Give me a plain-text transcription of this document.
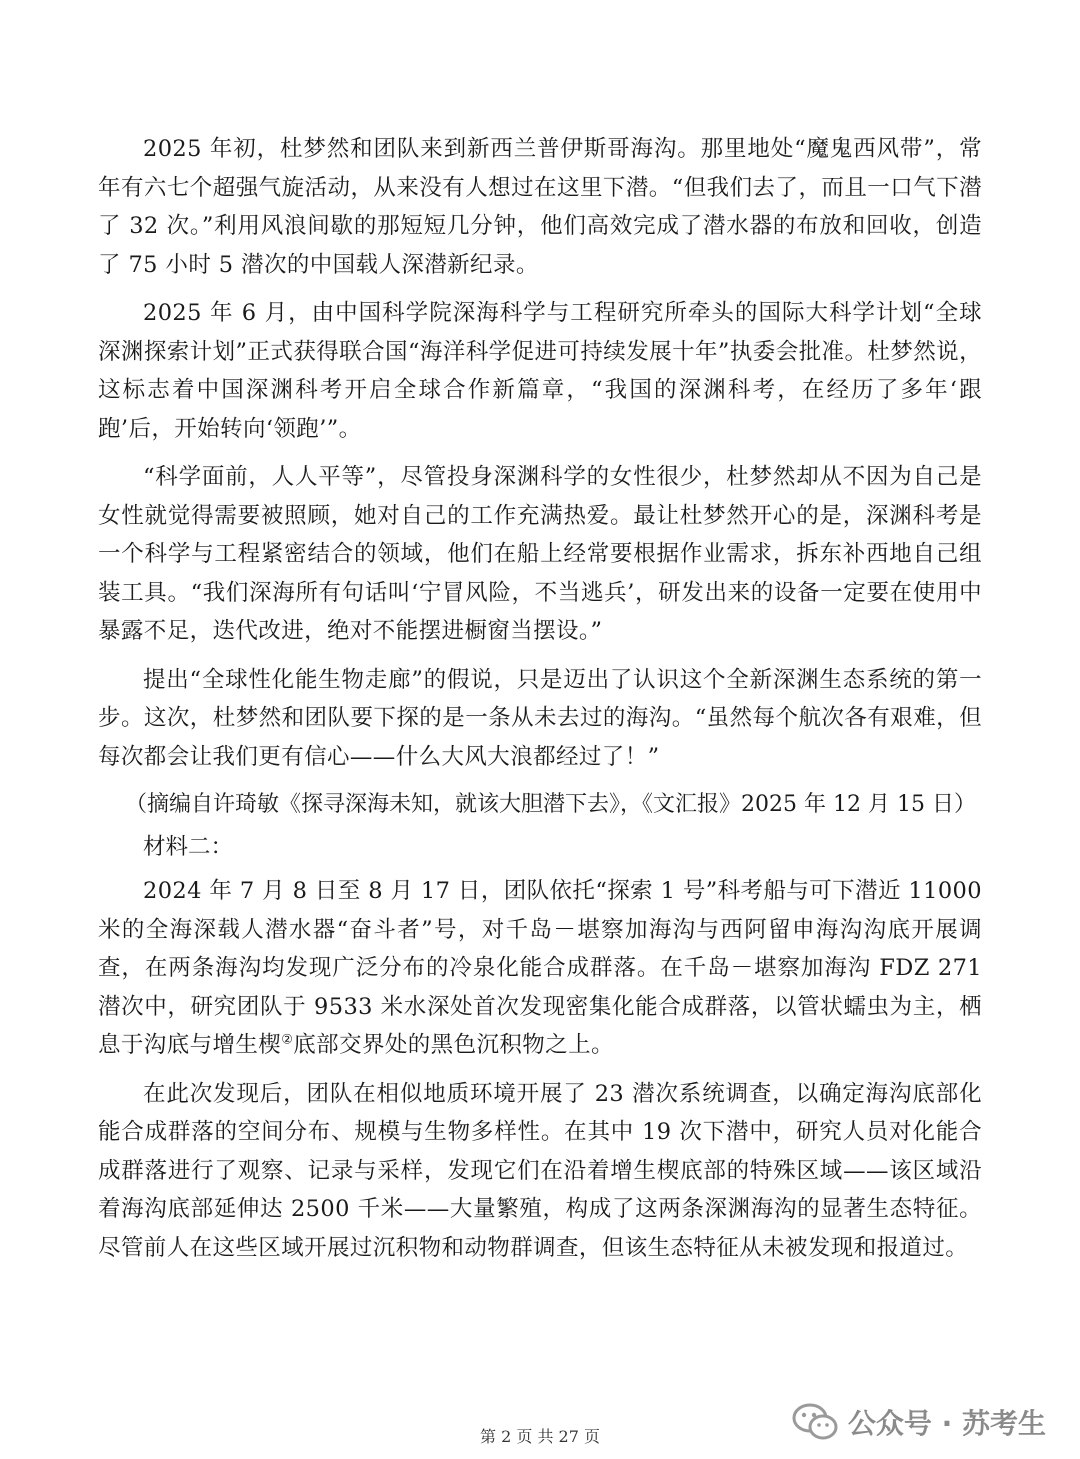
2025 年初，杜梦然和团队来到新西兰普伊斯哥海沟。那里地处“魔鬼西风带”，常年有六七个超强气旋活动，从来没有人想过在这里下潜。“但我们去了，而且一口气下潜了 32 次。”利用风浪间歇的那短短几分钟，他们高效完成了潜水器的布放和回收，创造了 75 小时 5 潜次的中国载人深潜新纪录。

2025 年 6 月，由中国科学院深海科学与工程研究所牵头的国际大科学计划“全球深渊探索计划”正式获得联合国“海洋科学促进可持续发展十年”执委会批准。杜梦然说，这标志着中国深渊科考开启全球合作新篇章，“我国的深渊科考，在经历了多年‘跟跑’后，开始转向‘领跑’”。

“科学面前，人人平等”，尽管投身深渊科学的女性很少，杜梦然却从不因为自己是女性就觉得需要被照顾，她对自己的工作充满热爱。最让杜梦然开心的是，深渊科考是一个科学与工程紧密结合的领域，他们在船上经常要根据作业需求，拆东补西地自己组装工具。“我们深海所有句话叫‘宁冒风险，不当逃兵’，研发出来的设备一定要在使用中暴露不足，迭代改进，绝对不能摆进橱窗当摆设。”

提出“全球性化能生物走廊”的假说，只是迈出了认识这个全新深渊生态系统的第一步。这次，杜梦然和团队要下探的是一条从未去过的海沟。“虽然每个航次各有艰难，但每次都会让我们更有信心——什么大风大浪都经过了！”

（摘编自许琦敏《探寻深海未知，就该大胆潜下去》，《文汇报》2025 年 12 月 15 日）

材料二：

2024 年 7 月 8 日至 8 月 17 日，团队依托“探索 1 号”科考船与可下潜近 11000 米的全海深载人潜水器“奋斗者”号，对千岛－堪察加海沟与西阿留申海沟沟底开展调查，在两条海沟均发现广泛分布的冷泉化能合成群落。在千岛－堪察加海沟 FDZ 271 潜次中，研究团队于 9533 米水深处首次发现密集化能合成群落，以管状蠕虫为主，栖息于沟底与增生楔②底部交界处的黑色沉积物之上。

在此次发现后，团队在相似地质环境开展了 23 潜次系统调查，以确定海沟底部化能合成群落的空间分布、规模与生物多样性。在其中 19 次下潜中，研究人员对化能合成群落进行了观察、记录与采样，发现它们在沿着增生楔底部的特殊区域——该区域沿着海沟底部延伸达 2500 千米——大量繁殖，构成了这两条深渊海沟的显著生态特征。尽管前人在这些区域开展过沉积物和动物群调查，但该生态特征从未被发现和报道过。

第 2 页 共 27 页	公众号 · 苏考生
